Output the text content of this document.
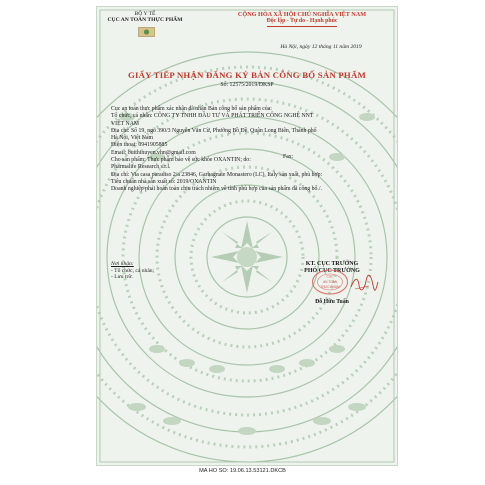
BỘ Y TẾ
CỤC AN TOÀN THỰC PHẨM
CỘNG HÒA XÃ HỘI CHỦ NGHĨA VIỆT NAM
Độc lập - Tự do - Hạnh phúc
Hà Nội, ngày 12 tháng 11 năm 2019
GIẤY TIẾP NHẬN ĐĂNG KÝ BẢN CÔNG BỐ SẢN PHẨM
Số: 12575/2019/ĐKSP
Cục an toàn thực phẩm xác nhận đã nhận Bản công bố sản phẩm của:
Tổ chức, cá nhân: CÔNG TY TNHH ĐẦU TƯ VÀ PHÁT TRIỂN CÔNG NGHỆ NNT
VIỆT NAM
Địa chỉ: Số 19, ngõ 390/3 Nguyễn Văn Cừ, Phường Bồ Đề, Quận Long Biên, Thành phố
Hà Nội, Việt Nam
Điện thoại: 0941905885
Email: buithihuyen.vhn@gmail.com
Cho sản phẩm: Thực phẩm bảo vệ sức khỏe OXANTIN; do:
Pharmalife Research s.r.l.
Địa chỉ: Via casa paradiso 2/a 23846, Garbagnate Monastero (LC), Italy sản xuất, phù hợp:
Tiêu chuẩn nhà sản xuất số: 2019/OXANTIN
Doanh nghiệp phải hoàn toàn chịu trách nhiệm về tính phù hợp của sản phẩm đã công bố./.
Fax:
Nơi nhận:
- Tổ chức, cá nhân;
- Lưu trữ.
KT. CỤC TRƯỞNG
PHÓ CỤC TRƯỞNG
CỤC
AN TOÀN
THỰC PHẨM
Đỗ Hữu Tuấn
MA HO SO: 19.06.13.53121.DKCB
